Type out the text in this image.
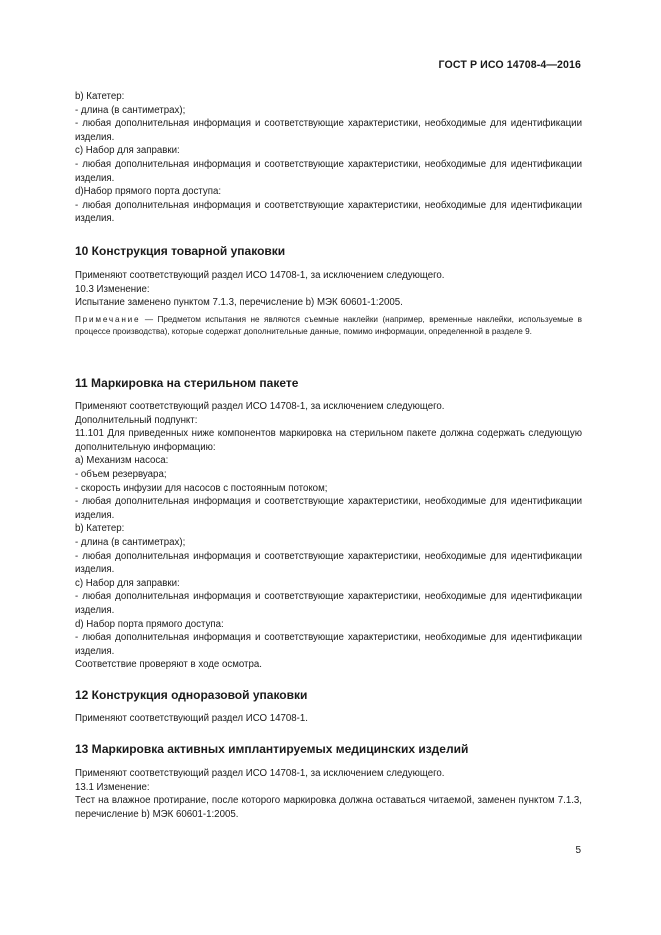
ГОСТ Р ИСО 14708-4—2016

b) Катетер:

- длина (в сантиметрах);

- любая дополнительная информация и соответствующие характеристики, необходимые для идентификации изделия.

c) Набор для заправки:

- любая дополнительная информация и соответствующие характеристики, необходимые для идентификации изделия.

d)Набор прямого порта доступа:

- любая дополнительная информация и соответствующие характеристики, необходимые для идентификации изделия.

10 Конструкция товарной упаковки

Применяют соответствующий раздел ИСО 14708-1, за исключением следующего.

10.3 Изменение:

Испытание заменено пунктом 7.1.3, перечисление b) МЭК 60601-1:2005.

Примечание — Предметом испытания не являются съемные наклейки (например, временные наклейки, используемые в процессе производства), которые содержат дополнительные данные, помимо информации, определенной в разделе 9.

11 Маркировка на стерильном пакете

Применяют соответствующий раздел ИСО 14708-1, за исключением следующего.

Дополнительный подпункт:

11.101 Для приведенных ниже компонентов маркировка на стерильном пакете должна содержать следующую дополнительную информацию:

a) Механизм насоса:

- объем резервуара;

- скорость инфузии для насосов с постоянным потоком;

- любая дополнительная информация и соответствующие характеристики, необходимые для идентификации изделия.

b) Катетер:

- длина (в сантиметрах);

- любая дополнительная информация и соответствующие характеристики, необходимые для идентификации изделия.

c) Набор для заправки:

- любая дополнительная информация и соответствующие характеристики, необходимые для идентификации изделия.

d) Набор порта прямого доступа:

- любая дополнительная информация и соответствующие характеристики, необходимые для идентификации изделия.

Соответствие проверяют в ходе осмотра.

12 Конструкция одноразовой упаковки

Применяют соответствующий раздел ИСО 14708-1.

13 Маркировка активных имплантируемых медицинских изделий

Применяют соответствующий раздел ИСО 14708-1, за исключением следующего.

13.1 Изменение:

Тест на влажное протирание, после которого маркировка должна оставаться читаемой, заменен пунктом 7.1.3, перечисление b) МЭК 60601-1:2005.

5
